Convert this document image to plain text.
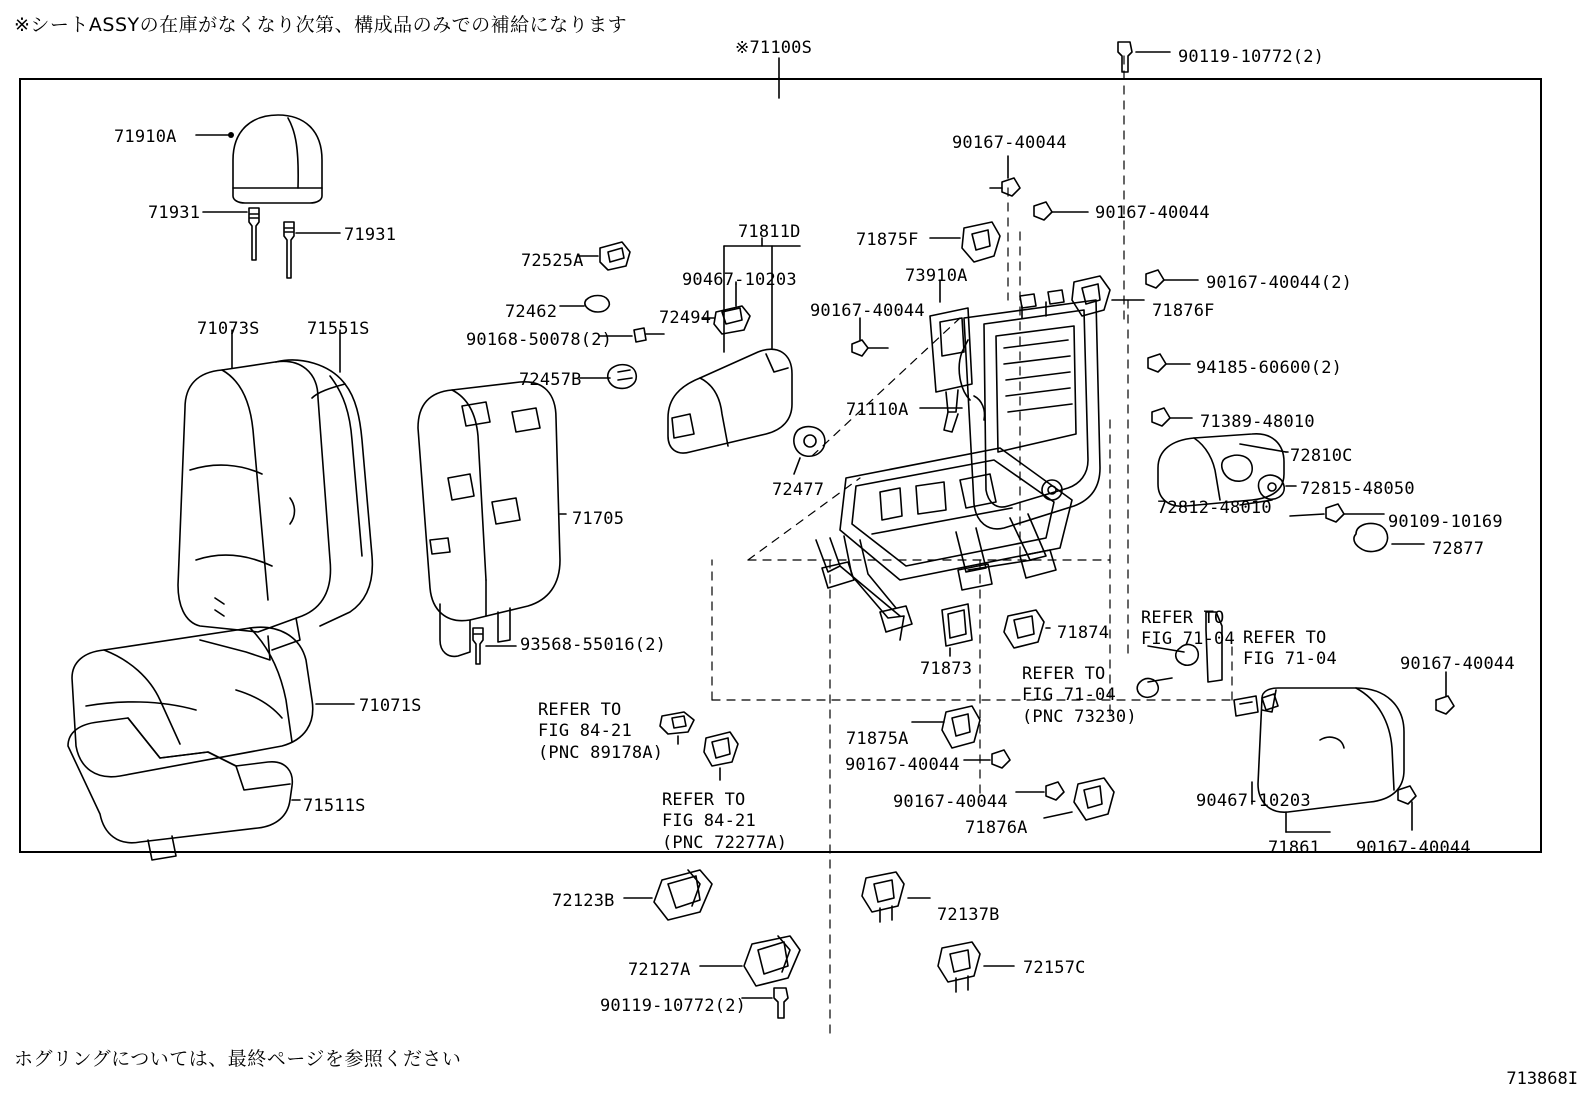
※シートASSYの在庫がなくなり次第、構成品のみでの補給になります
※71100S
71910A
71931
71931
71073S	71551S
71705
93568-55016(2)
71071S
71511S
72525A
72462
90168-50078(2)
72457B
72494
90467-10203
71811D
90167-40044
72477
71875F
73910A
90167-40044
90119-10772(2)
90167-40044
90167-40044(2)
71876F
94185-60600(2)
71389-48010
72810C
72815-48050
72812-48010
90109-10169
72877
71110A
71874
71873
71875A
90167-40044
90167-40044
71876A
90467-10203
71861 90167-40044
90167-40044
72123B
72127A
90119-10772(2)
72137B
72157C
REFER TO
FIG 71-04 REFER TO
FIG 71-04
REFER TO
FIG 71-04
(PNC 73230)
REFER TO
FIG 84-21
(PNC 89178A)
REFER TO
FIG 84-21
(PNC 72277A)
ホグリングについては、最終ページを参照ください
713868I
